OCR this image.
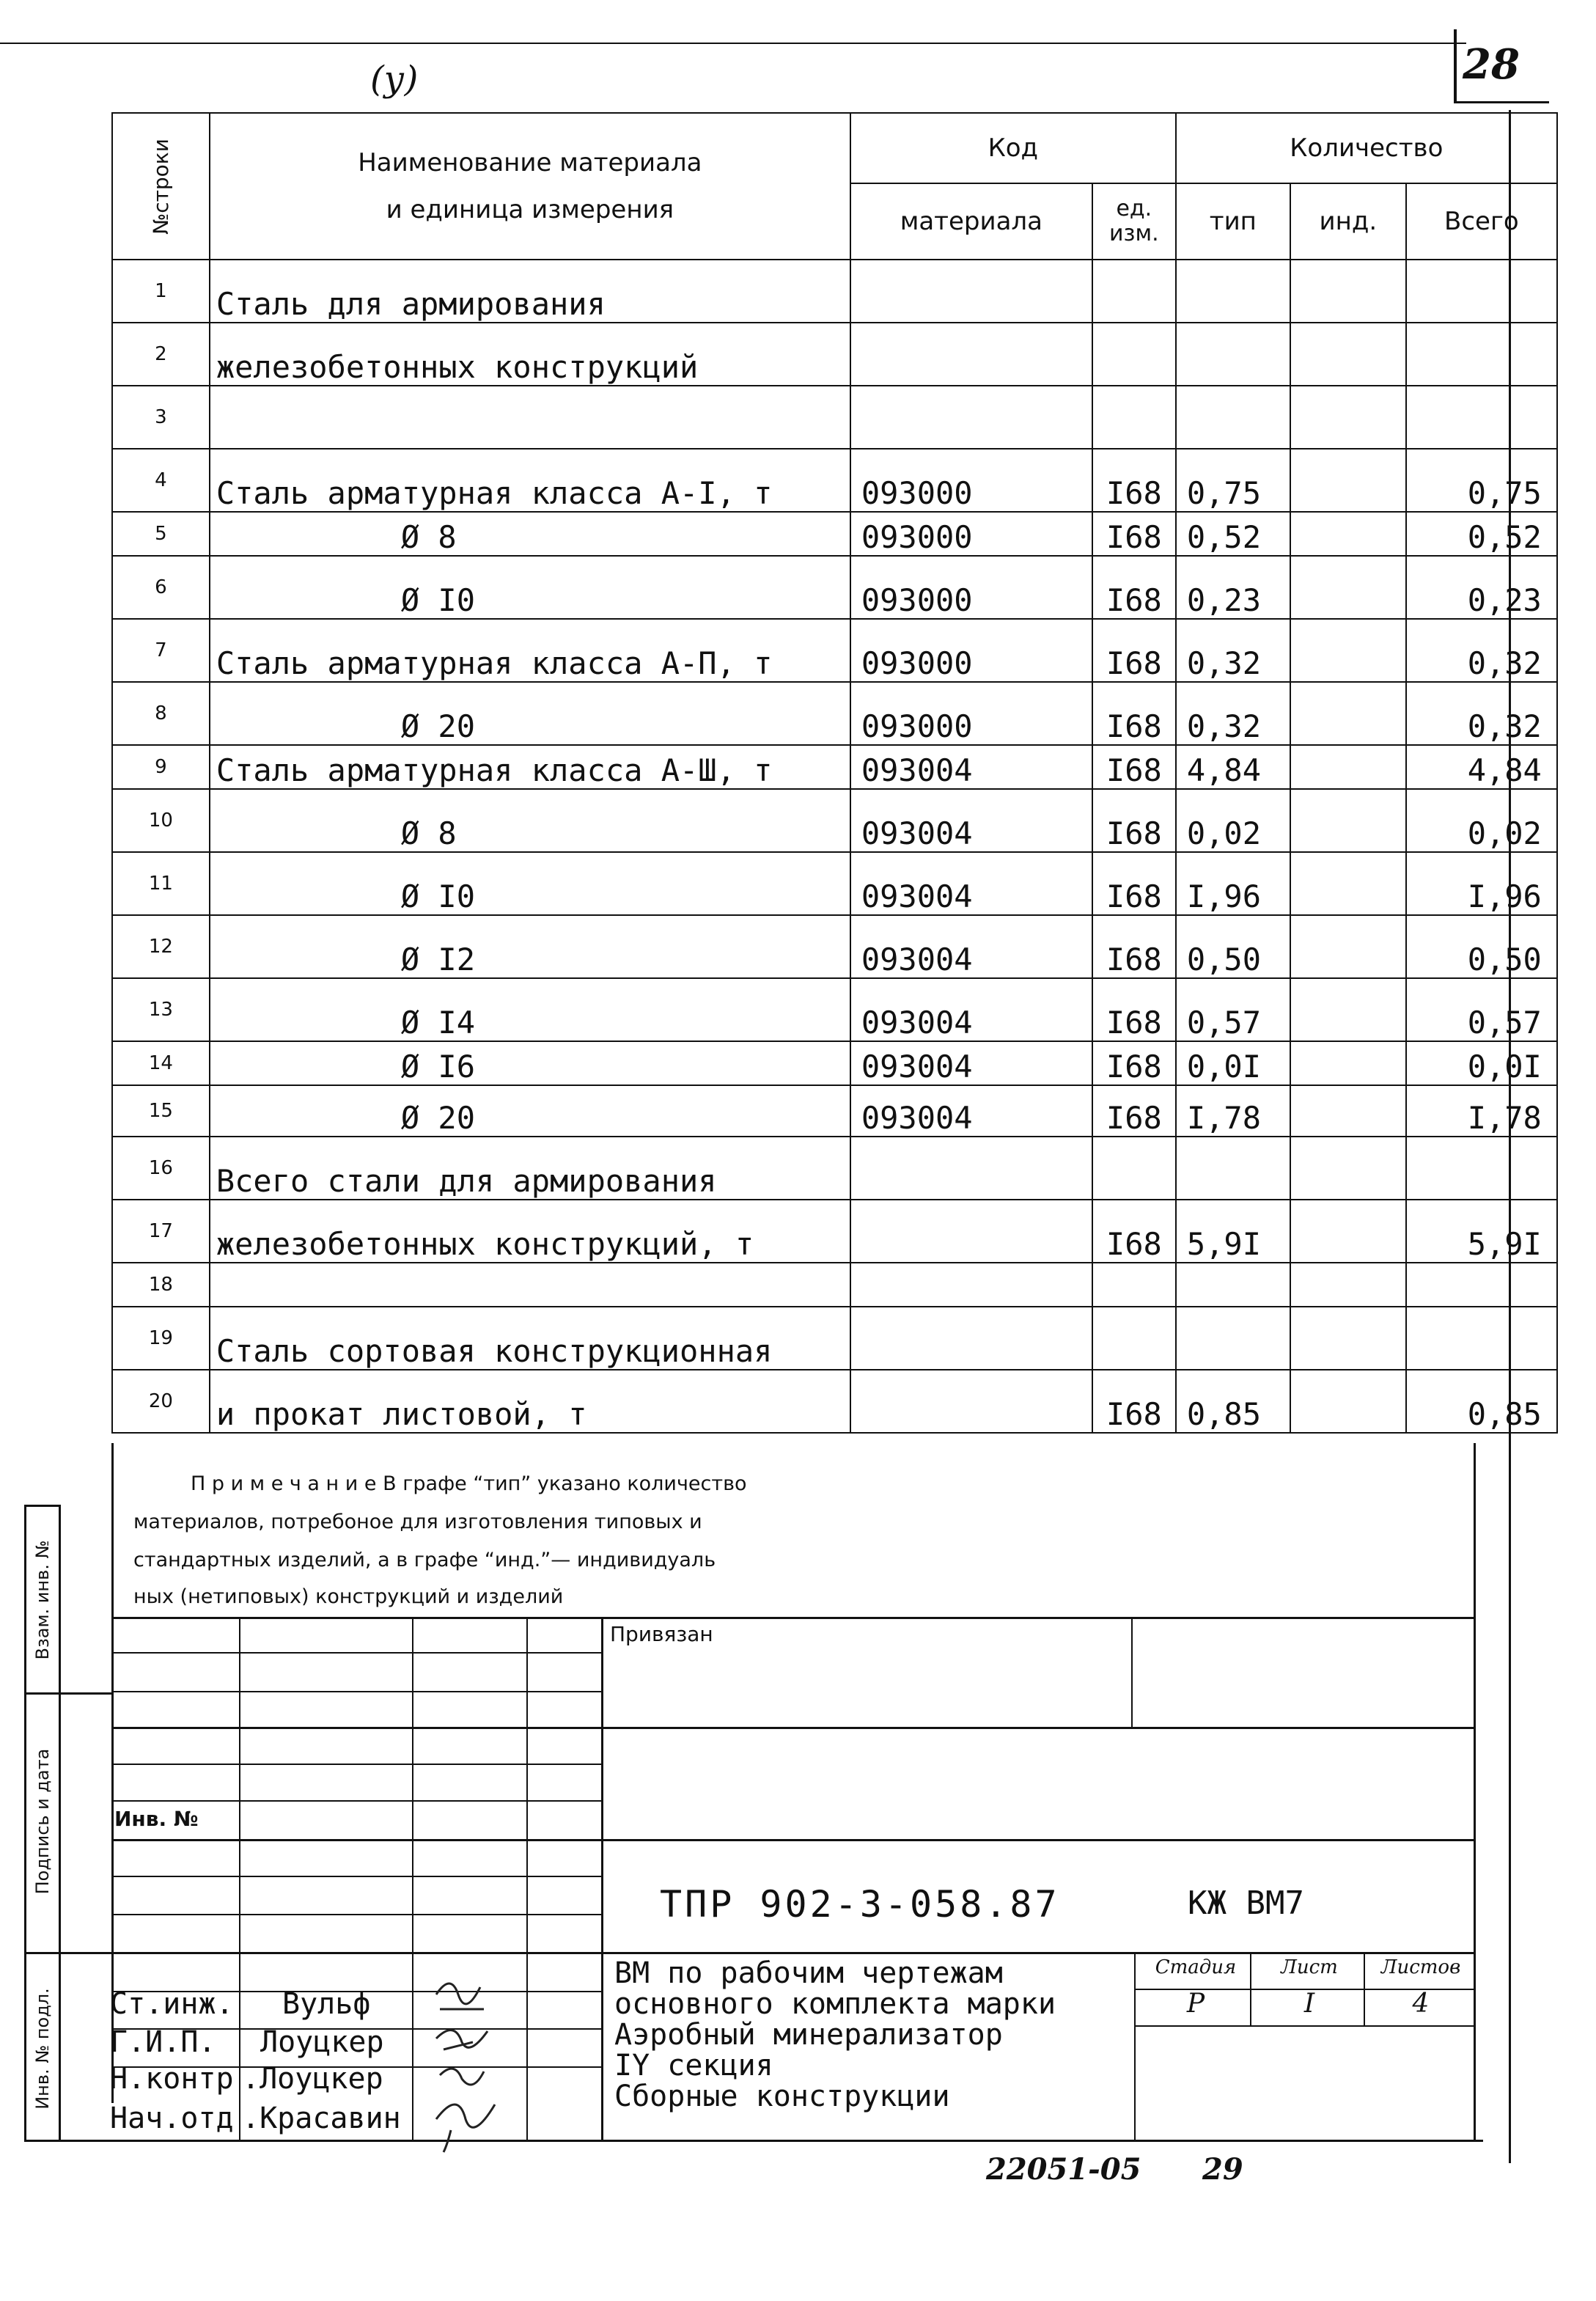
28
(у)
№строки	Наименование материала
и единица измерения	Код		Количество		
		материала	ед.
изм.	тип	инд.	Всего
1	Сталь для армирования					
2	железобетонных конструкций					
3						
4	Сталь арматурная класса А-I, т	093000	I68	0,75		0,75
5	Ø 8	093000	I68	0,52		0,52
6	Ø I0	093000	I68	0,23		0,23
7	Сталь арматурная класса А-П, т	093000	I68	0,32		0,32
8	Ø 20	093000	I68	0,32		0,32
9	Сталь арматурная класса А-Ш, т	093004	I68	4,84		4,84
10	Ø 8	093004	I68	0,02		0,02
11	Ø I0	093004	I68	I,96		I,96
12	Ø I2	093004	I68	0,50		0,50
13	Ø I4	093004	I68	0,57		0,57
14	Ø I6	093004	I68	0,0I		0,0I
15	Ø 20	093004	I68	I,78		I,78
16	Всего стали для армирования					
17	железобетонных конструкций, т		I68	5,9I		5,9I
18						
19	Сталь сортовая конструкционная					
20	и прокат листовой, т		I68	0,85		0,85
П р и м е ч а н и е В графе “тип” указано количество
материалов, потребоное для изготовления типовых и
стандартных изделий, а в графе “инд.”— индивидуаль
ных (нетиповых) конструкций и изделий
Взам. инв. №
Подпись и дата
Инв. № подл.
Привязан
Инв. №
ТПР 902-3-058.87	КЖ ВМ7
ВМ по рабочим чертежам
основного комплекта марки
Аэробный минерализатор
IY секция
Сборные конструкции
Стадия	Лист	Листов
Р	I	4
Ст.инж. Вульф
Г.И.П. Лоуцкер
Н.контр .Лоуцкер
Нач.отд .Красавин
22051-05 29
